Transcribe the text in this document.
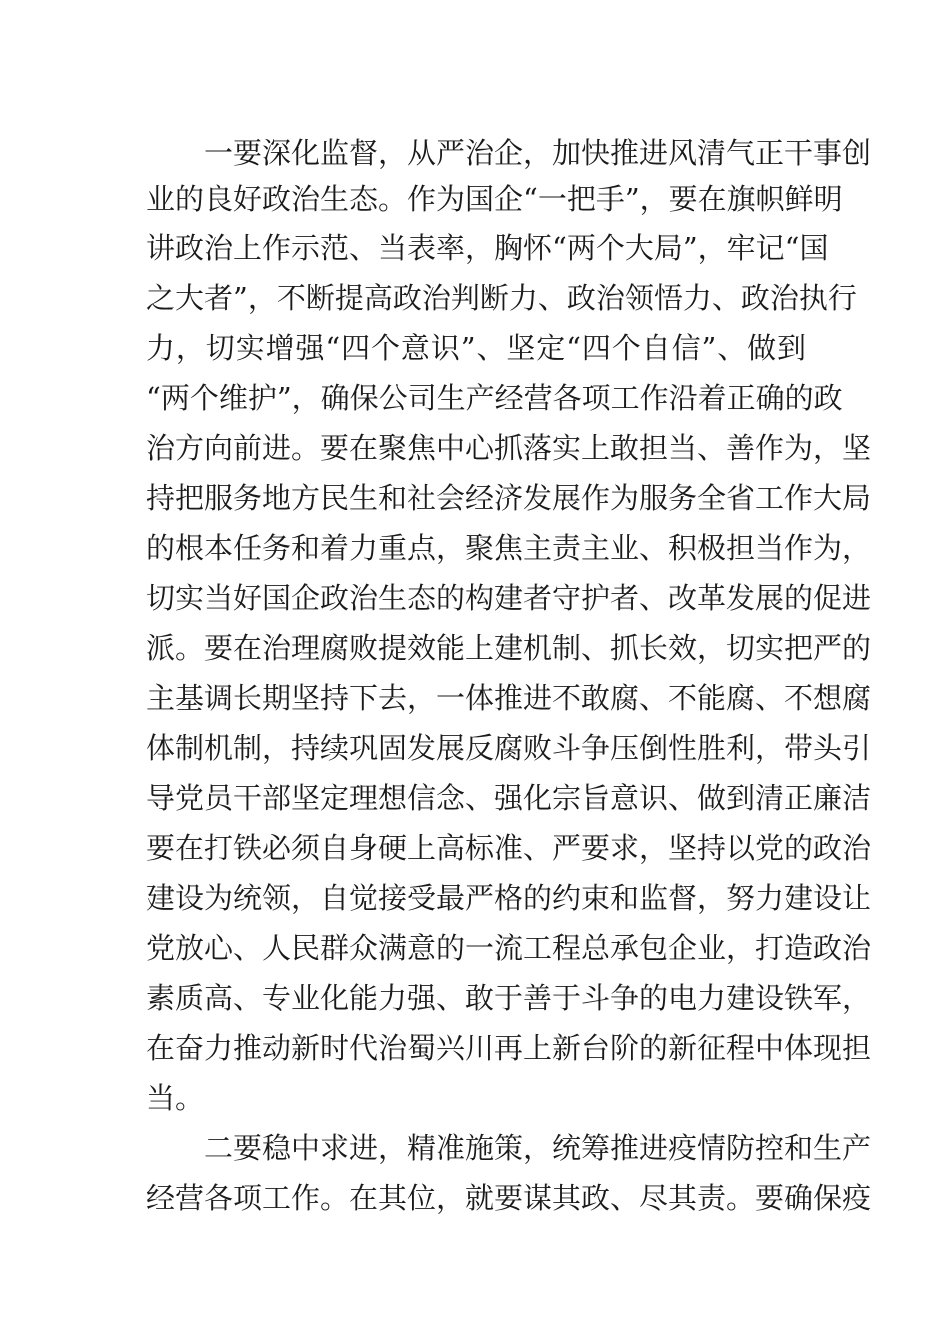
一要深化监督，从严治企，加快推进风清气正干事创
业的良好政治生态。作为国企“一把手”，要在旗帜鲜明
讲政治上作示范、当表率，胸怀“两个大局”，牢记“国
之大者”，不断提高政治判断力、政治领悟力、政治执行
力，切实增强“四个意识”、坚定“四个自信”、做到
“两个维护”，确保公司生产经营各项工作沿着正确的政
治方向前进。要在聚焦中心抓落实上敢担当、善作为，坚
持把服务地方民生和社会经济发展作为服务全省工作大局
的根本任务和着力重点，聚焦主责主业、积极担当作为，
切实当好国企政治生态的构建者守护者、改革发展的促进
派。要在治理腐败提效能上建机制、抓长效，切实把严的
主基调长期坚持下去，一体推进不敢腐、不能腐、不想腐
体制机制，持续巩固发展反腐败斗争压倒性胜利，带头引
导党员干部坚定理想信念、强化宗旨意识、做到清正廉洁
要在打铁必须自身硬上高标准、严要求，坚持以党的政治
建设为统领，自觉接受最严格的约束和监督，努力建设让
党放心、人民群众满意的一流工程总承包企业，打造政治
素质高、专业化能力强、敢于善于斗争的电力建设铁军，
在奋力推动新时代治蜀兴川再上新台阶的新征程中体现担
当。
二要稳中求进，精准施策，统筹推进疫情防控和生产
经营各项工作。在其位，就要谋其政、尽其责。要确保疫
